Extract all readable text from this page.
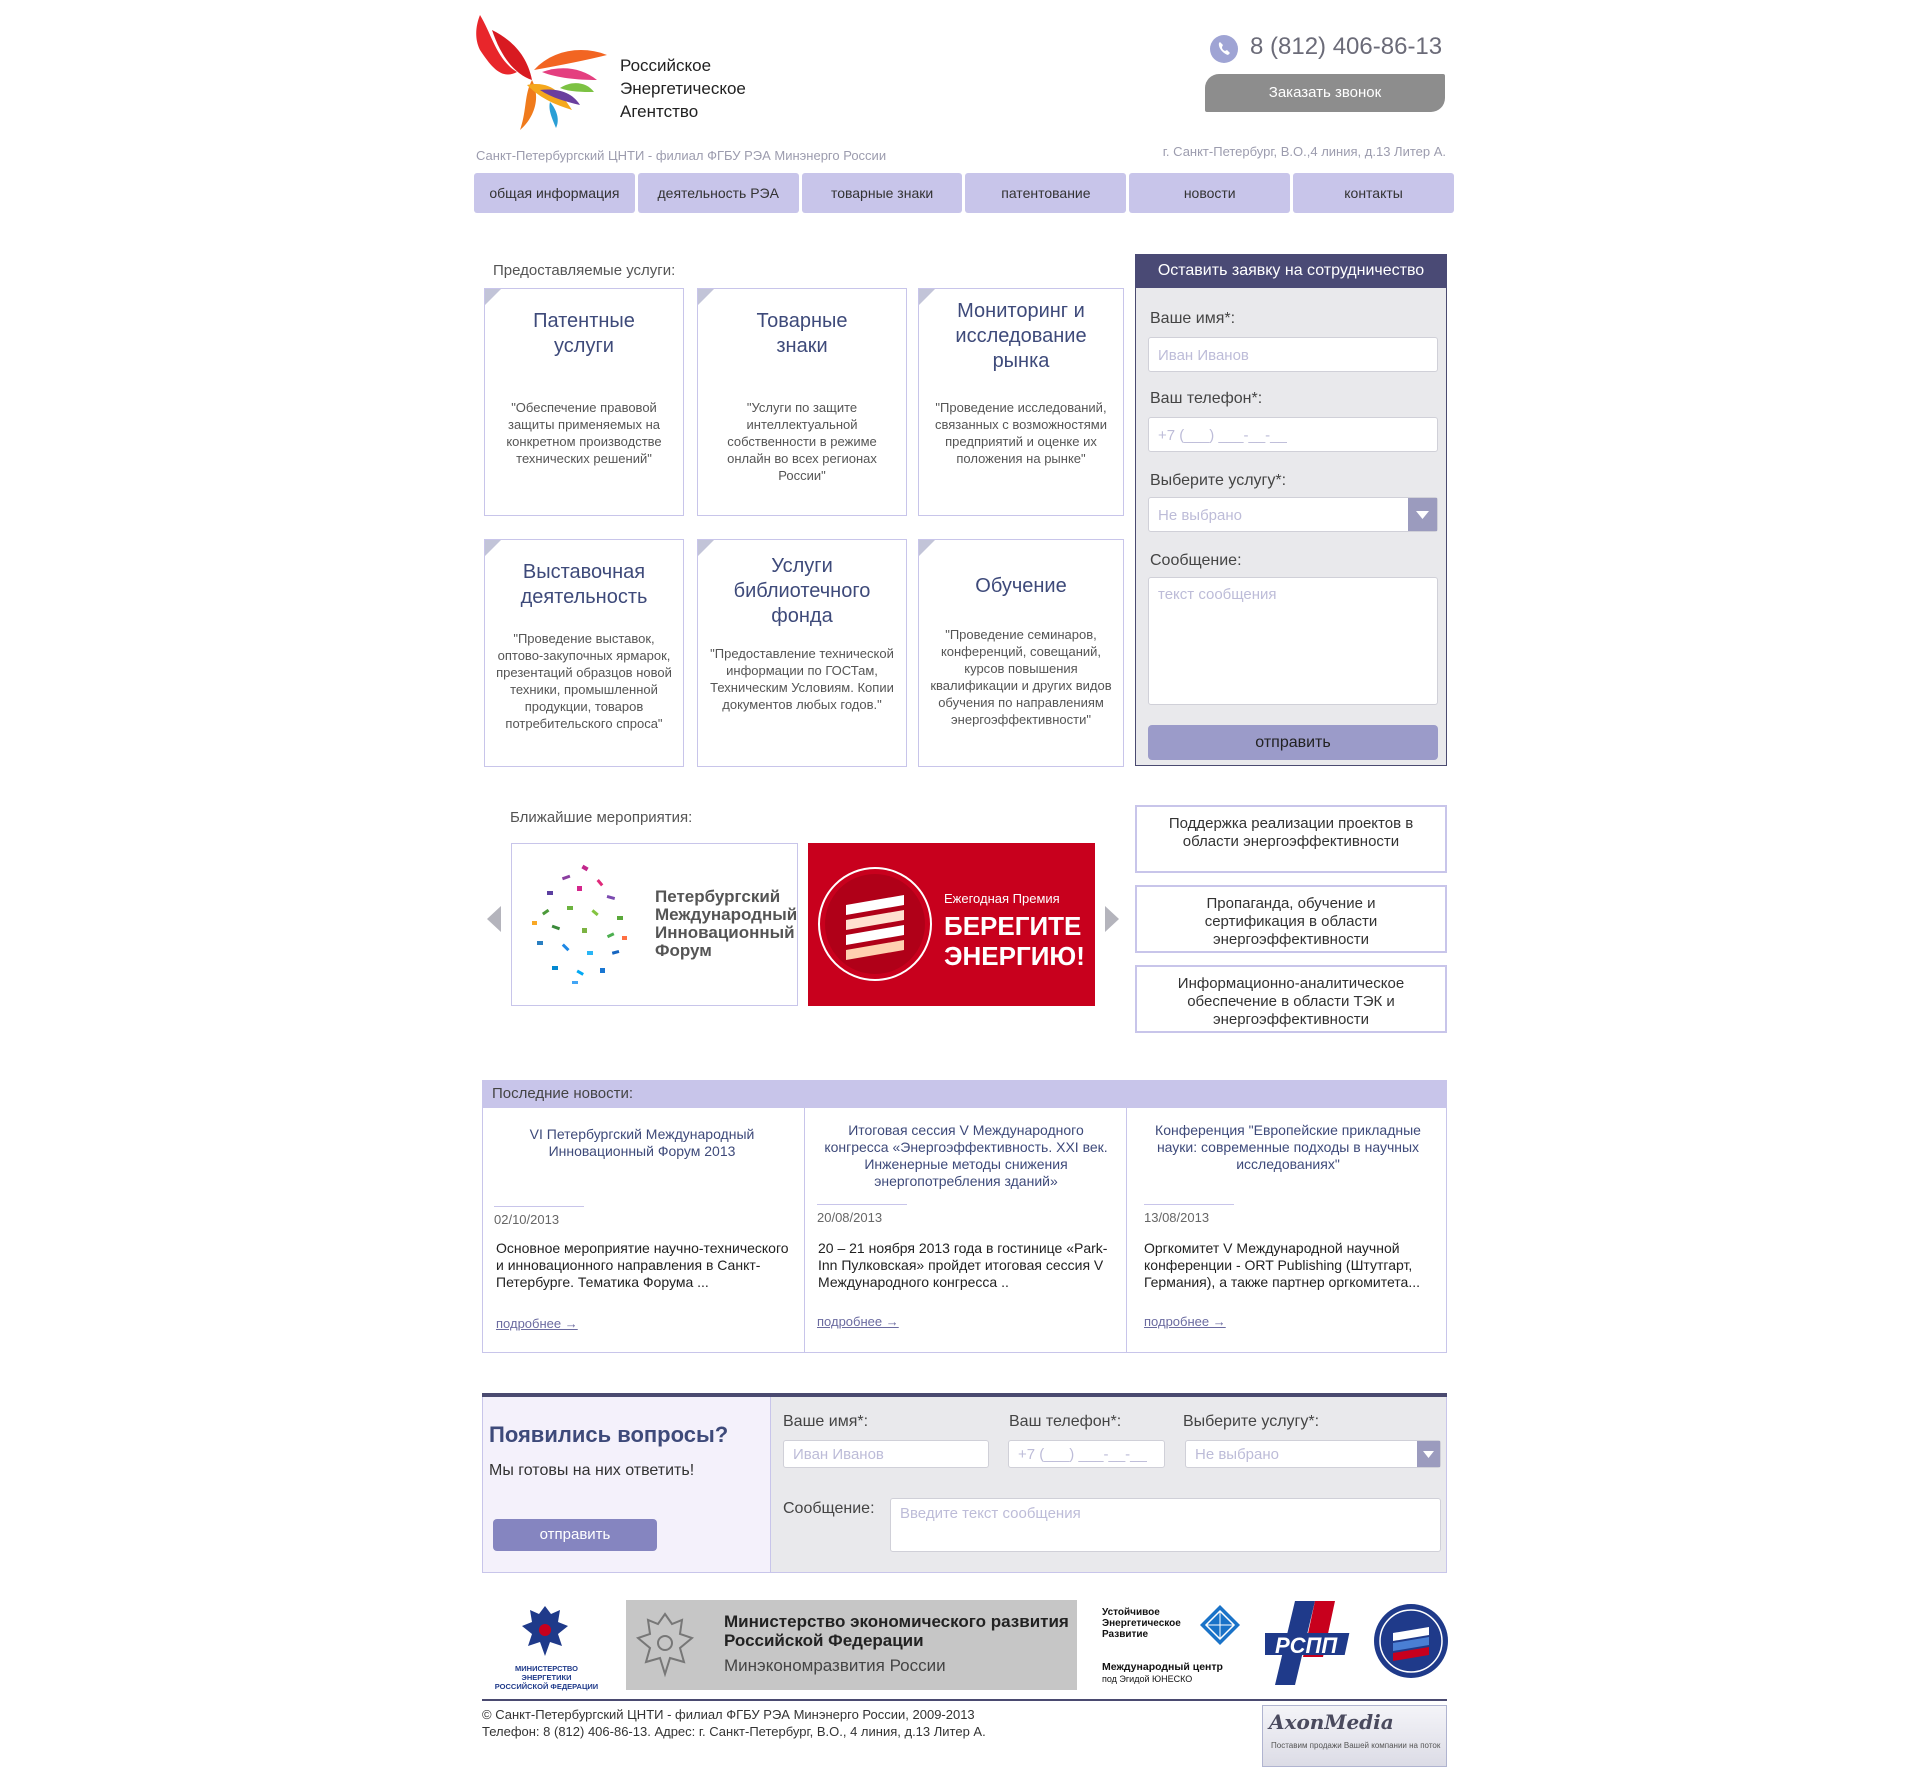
Российское
Энергетическое
Агентство
Санкт-Петербургский ЦНТИ - филиал ФГБУ РЭА Минэнерго России
8 (812) 406-86-13
Заказать звонок
г. Санкт-Петербург, В.О.,4 линия, д.13 Литер А.
общая информация	деятельность РЭА	товарные знаки	патентование	новости	контакты
Предоставляемые услуги:
Патентные услуги
"Обеспечение правовой защиты применяемых на конкретном производстве технических решений"
Товарные знаки
"Услуги по защите интеллектуальной собственности в режиме онлайн во всех регионах России"
Мониторинг и исследование рынка
"Проведение исследований, связанных с возможностями предприятий и оценке их положения на рынке"
Выставочная деятельность
"Проведение выставок, оптово-закупочных ярмарок, презентаций образцов новой техники, промышленной продукции, товаров потребительского спроса"
Услуги библиотечного фонда
"Предоставление технической информации по ГОСТам, Техническим Условиям. Копии документов любых годов."
Обучение
"Проведение семинаров, конференций, совещаний, курсов повышения квалификации и других видов обучения по направлениям энергоэффективности"
Оставить заявку на сотрудничество
Ваше имя*:
Иван Иванов
Ваш телефон*:
+7 (___) ___-__-__
Выберите услугу*:
Не выбрано
Сообщение:
текст сообщения
отправить
Ближайшие мероприятия:
Петербургский
Международный
Инновационный
Форум
Ежегодная Премия
БЕРЕГИТЕ
ЭНЕРГИЮ!
Поддержка реализации проектов в области энергоэффективности
Пропаганда, обучение и сертификация в области энергоэффективности
Информационно-аналитическое обеспечение в области ТЭК и энергоэффективности
Последние новости:
VI Петербургский Международный Инновационный Форум 2013
02/10/2013
Основное мероприятие научно-технического и инновационного направления в Санкт-Петербурге. Тематика Форума ...
подробнее →
Итоговая сессия V Международного конгресса «Энергоэффективность. XXI век. Инженерные методы снижения энергопотребления зданий»
20/08/2013
20 – 21 ноября 2013 года в гостинице «Park-Inn Пулковская» пройдет итоговая сессия V Международного конгресса ..
подробнее →
Конференция "Европейские прикладные науки: современные подходы в научных исследованиях"
13/08/2013
Оргкомитет V Международной научной конференции - ORT Publishing (Штутгарт, Германия), а также партнер оргкомитета...
подробнее →
Появились вопросы?
Мы готовы на них ответить!
отправить
Ваше имя*:
Иван Иванов
Ваш телефон*:
+7 (___) ___-__-__
Выберите услугу*:
Не выбрано
Сообщение:	Введите текст сообщения
МИНИСТЕРСТВО ЭНЕРГЕТИКИ
РОССИЙСКОЙ ФЕДЕРАЦИИ
Министерство экономического развития
Российской Федерации
Минэкономразвития России
Устойчивое
Энергетическое
Развитие
Международный центр
под Эгидой ЮНЕСКО
РСПП
© Санкт-Петербургский ЦНТИ - филиал ФГБУ РЭА Минэнерго России, 2009-2013
Телефон: 8 (812) 406-86-13. Адрес: г. Санкт-Петербург, В.О., 4 линия, д.13 Литер А.	AxonMedia
Поставим продажи Вашей компании на поток
